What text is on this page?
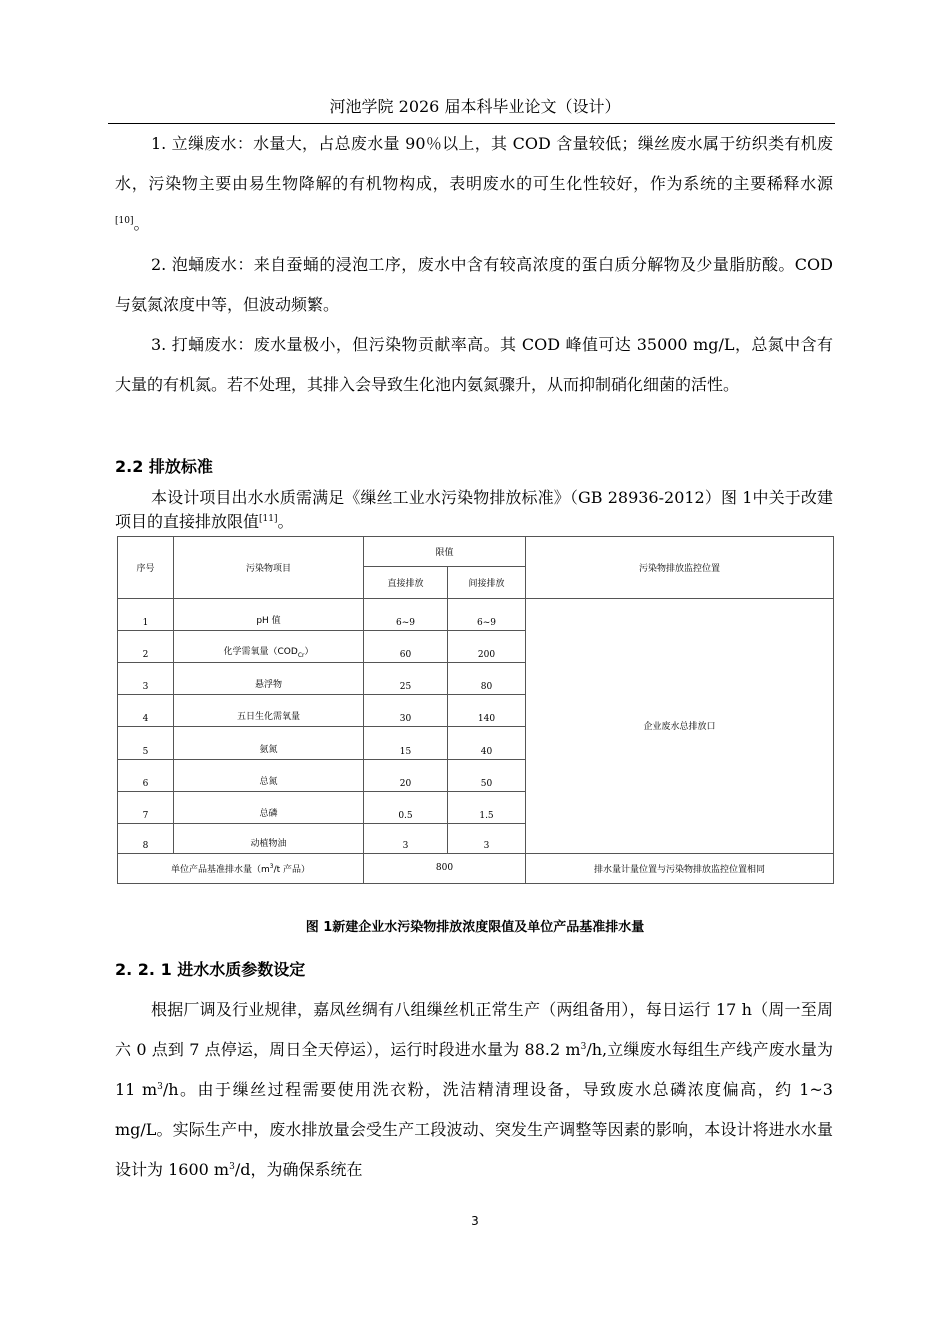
河池学院 2026 届本科毕业论文（设计）

1. 立缫废水：水量大，占总废水量 90％以上，其 COD 含量较低；缫丝废水属于纺织类有机废水，污染物主要由易生物降解的有机物构成，表明废水的可生化性较好，作为系统的主要稀释水源[10]。

2. 泡蛹废水：来自蚕蛹的浸泡工序，废水中含有较高浓度的蛋白质分解物及少量脂肪酸。COD 与氨氮浓度中等，但波动频繁。

3. 打蛹废水：废水量极小，但污染物贡献率高。其 COD 峰值可达 35000 mg/L，总氮中含有大量的有机氮。若不处理，其排入会导致生化池内氨氮骤升，从而抑制硝化细菌的活性。

2.2 排放标准

本设计项目出水水质需满足《缫丝工业水污染物排放标准》（GB 28936-2012）图 1中关于改建项目的直接排放限值[11]。

序号	污染物项目	限值		污染物排放监控位置
		直接排放	间接排放	
1	pH 值	6~9	6~9	企业废水总排放口
2	化学需氧量$(COD_{Cr})$	60	200	
3	悬浮物	25	80	
4	五日生化需氧量	30	140	
5	氨氮	15	40	
6	总氮	20	50	
7	总磷	0.5	1.5	
8	动植物油	3	3	
单位产品基准排水量（$m^3/t$ 产品）		800		排水量计量位置与污染物排放监控位置相同
图 1新建企业水污染物排放浓度限值及单位产品基准排水量
2. 2. 1 进水水质参数设定

根据厂调及行业规律，嘉凤丝绸有八组缫丝机正常生产（两组备用），每日运行 17 h（周一至周六 0 点到 7 点停运，周日全天停运），运行时段进水量为 88.2 $m^3/h$,立缫废水每组生产线产废水量为 11 $m^3/h$。由于缫丝过程需要使用洗衣粉，洗洁精清理设备，导致废水总磷浓度偏高，约 1~3 mg/L。实际生产中，废水排放量会受生产工段波动、突发生产调整等因素的影响，本设计将进水水量设计为 1600 $m^3/d$，为确保系统在

3
